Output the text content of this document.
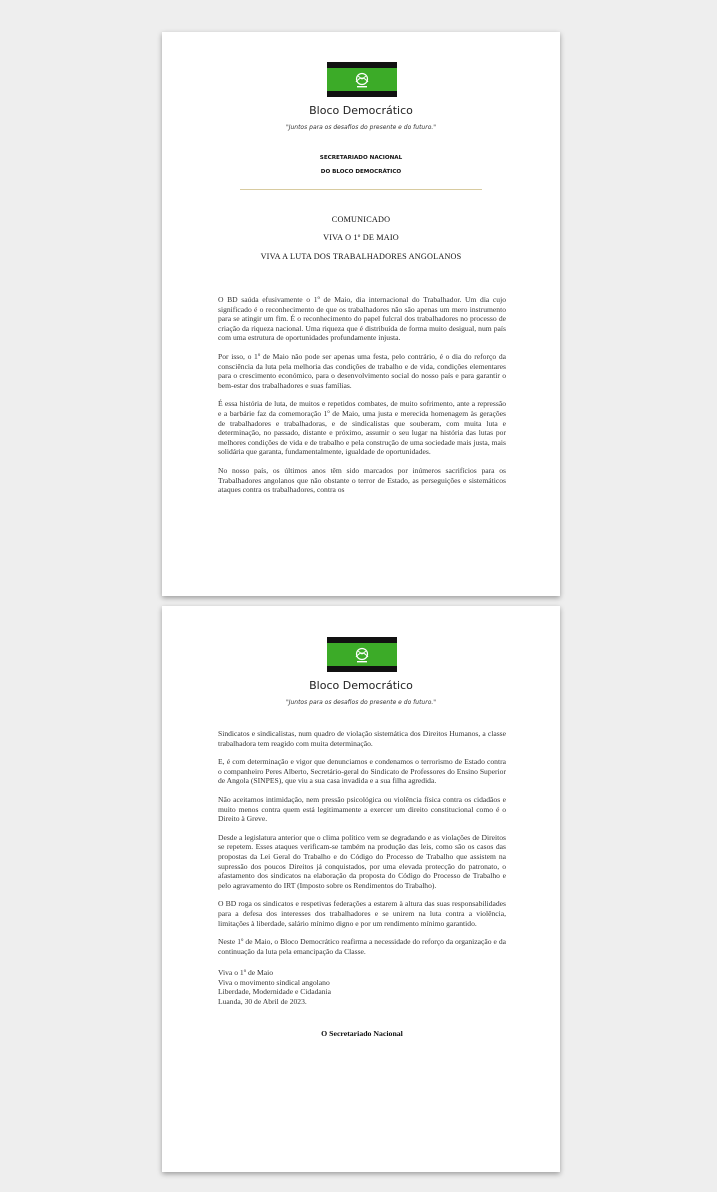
Bloco Democrático
"Juntos para os desafios do presente e do futuro."
SECRETARIADO NACIONAL
DO BLOCO DEMOCRÁTICO
COMUNICADO
VIVA O 1º DE MAIO
VIVA A LUTA DOS TRABALHADORES ANGOLANOS

O BD saúda efusivamente o 1º de Maio, dia internacional do Trabalhador. Um dia cujo significado é o reconhecimento de que os trabalhadores não são apenas um mero instrumento para se atingir um fim. É o reconhecimento do papel fulcral dos trabalhadores no processo de criação da riqueza nacional. Uma riqueza que é distribuída de forma muito desigual, num país com uma estrutura de oportunidades profundamente injusta.

Por isso, o 1º de Maio não pode ser apenas uma festa, pelo contrário, é o dia do reforço da consciência da luta pela melhoria das condições de trabalho e de vida, condições elementares para o crescimento económico, para o desenvolvimento social do nosso país e para garantir o bem-estar dos trabalhadores e suas famílias.

É essa história de luta, de muitos e repetidos combates, de muito sofrimento, ante a repressão e a barbárie faz da comemoração 1º de Maio, uma justa e merecida homenagem às gerações de trabalhadores e trabalhadoras, e de sindicalistas que souberam, com muita luta e determinação, no passado, distante e próximo, assumir o seu lugar na história das lutas por melhores condições de vida e de trabalho e pela construção de uma sociedade mais justa, mais solidária que garanta, fundamentalmente, igualdade de oportunidades.

No nosso país, os últimos anos têm sido marcados por inúmeros sacrifícios para os Trabalhadores angolanos que não obstante o terror de Estado, as perseguições e sistemáticos ataques contra os trabalhadores, contra os

Bloco Democrático
"Juntos para os desafios do presente e do futuro."

Sindicatos e sindicalistas, num quadro de violação sistemática dos Direitos Humanos, a classe trabalhadora tem reagido com muita determinação.

E, é com determinação e vigor que denunciamos e condenamos o terrorismo de Estado contra o companheiro Peres Alberto, Secretário-geral do Sindicato de Professores do Ensino Superior de Angola (SINPES), que viu a sua casa invadida e a sua filha agredida.

Não aceitamos intimidação, nem pressão psicológica ou violência física contra os cidadãos e muito menos contra quem está legitimamente a exercer um direito constitucional como é o Direito à Greve.

Desde a legislatura anterior que o clima político vem se degradando e as violações de Direitos se repetem. Esses ataques verificam-se também na produção das leis, como são os casos das propostas da Lei Geral do Trabalho e do Código do Processo de Trabalho que assistem na supressão dos poucos Direitos já conquistados, por uma elevada protecção do patronato, o afastamento dos sindicatos na elaboração da proposta do Código do Processo de Trabalho e pelo agravamento do IRT (Imposto sobre os Rendimentos do Trabalho).

O BD roga os sindicatos e respetivas federações a estarem à altura das suas responsabilidades para a defesa dos interesses dos trabalhadores e se unirem na luta contra a violência, limitações à liberdade, salário mínimo digno e por um rendimento mínimo garantido.

Neste 1º de Maio, o Bloco Democrático reafirma a necessidade do reforço da organização e da continuação da luta pela emancipação da Classe.

Viva o 1º de Maio
Viva o movimento sindical angolano
Liberdade, Modernidade e Cidadania
Luanda, 30 de Abril de 2023.
O Secretariado Nacional
